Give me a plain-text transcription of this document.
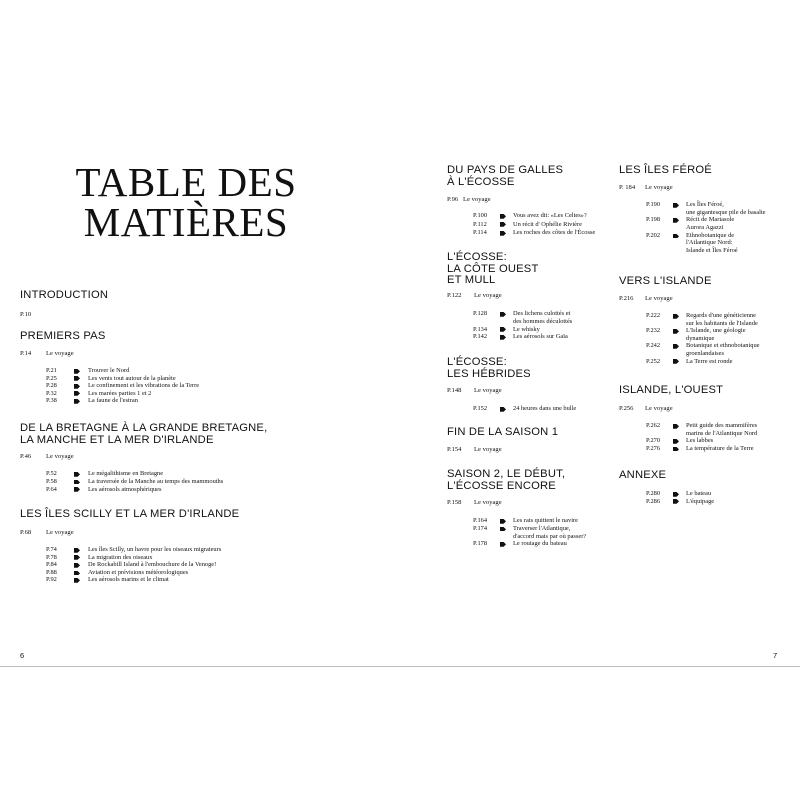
TABLE DES
MATIÈRES
INTRODUCTION
P.10
PREMIERS PAS
P.14 Le voyage
DE LA BRETAGNE À LA GRANDE BRETAGNE,
LA MANCHE ET LA MER D'IRLANDE
P.46 Le voyage
LES ÎLES SCILLY ET LA MER D'IRLANDE
P.68 Le voyage
6
DU PAYS DE GALLES
À L'ÉCOSSE
P.96 Le voyage
L'ÉCOSSE:
LA CÔTE OUEST
ET MULL
P.122 Le voyage
L'ÉCOSSE:
LES HÉBRIDES
P.148 Le voyage
FIN DE LA SAISON 1
P.154 Le voyage
SAISON 2, LE DÉBUT,
L'ÉCOSSE ENCORE
P.158 Le voyage
LES ÎLES FÉROÉ
P. 184 Le voyage
VERS L'ISLANDE
P.216 Le voyage
ISLANDE, L'OUEST
P.256 Le voyage
ANNEXE
7
P.21	Trouver le Nord
P.25	Les vents tout autour de la planète
P.28	Le confinement et les vibrations de la Terre
P.32	Les marées parties 1 et 2
P.38	La faune de l'estran
P.52	Le mégalithisme en Bretagne
P.58	La traversée de la Manche au temps des mammouths
P.64	Les aérosols atmosphériques
P.74	Les îles Scilly, un havre pour les oiseaux migrateurs
P.78	La migration des oiseaux
P.84	De Rockabill Island à l'embouchure de la Venoge!
P.88	Aviation et prévisions météorologiques
P.92	Les aérosols marins et le climat
P.100	Vous avez dit: «Les Celtes»?
P.112	Un récit d' Ophélie Rivière
P.114	Les roches des côtes de l'Écosse
P.128	Des lichens culottés et
des hommes déculottés
P.134	Le whisky
P.142	Les aérosols sur Gaïa
P.152	24 heures dans une bulle
P.164	Les rats quittent le navire
P.174	Traverser l'Atlantique,
d'accord mais par où passer?
P.178	Le routage du bateau
P.190	Les Îles Féroé,
une gigantesque pile de basalte
P.198	Récit de Mariasole
Aurora Agazzi
P.202	Ethnobotanique de
l'Atlantique Nord:
Islande et Îles Féroé
P.222	Regards d'une généticienne
sur les habitants de l'Islande
P.232	L'Islande, une géologie
dynamique
P.242	Botanique et ethnobotanique
groenlandaises
P.252	La Terre est ronde
P.262	Petit guide des mammifères
marins de l'Atlantique Nord
P.270	Les labbes
P.276	La température de la Terre
P.280	Le bateau
P.286	L'équipage
